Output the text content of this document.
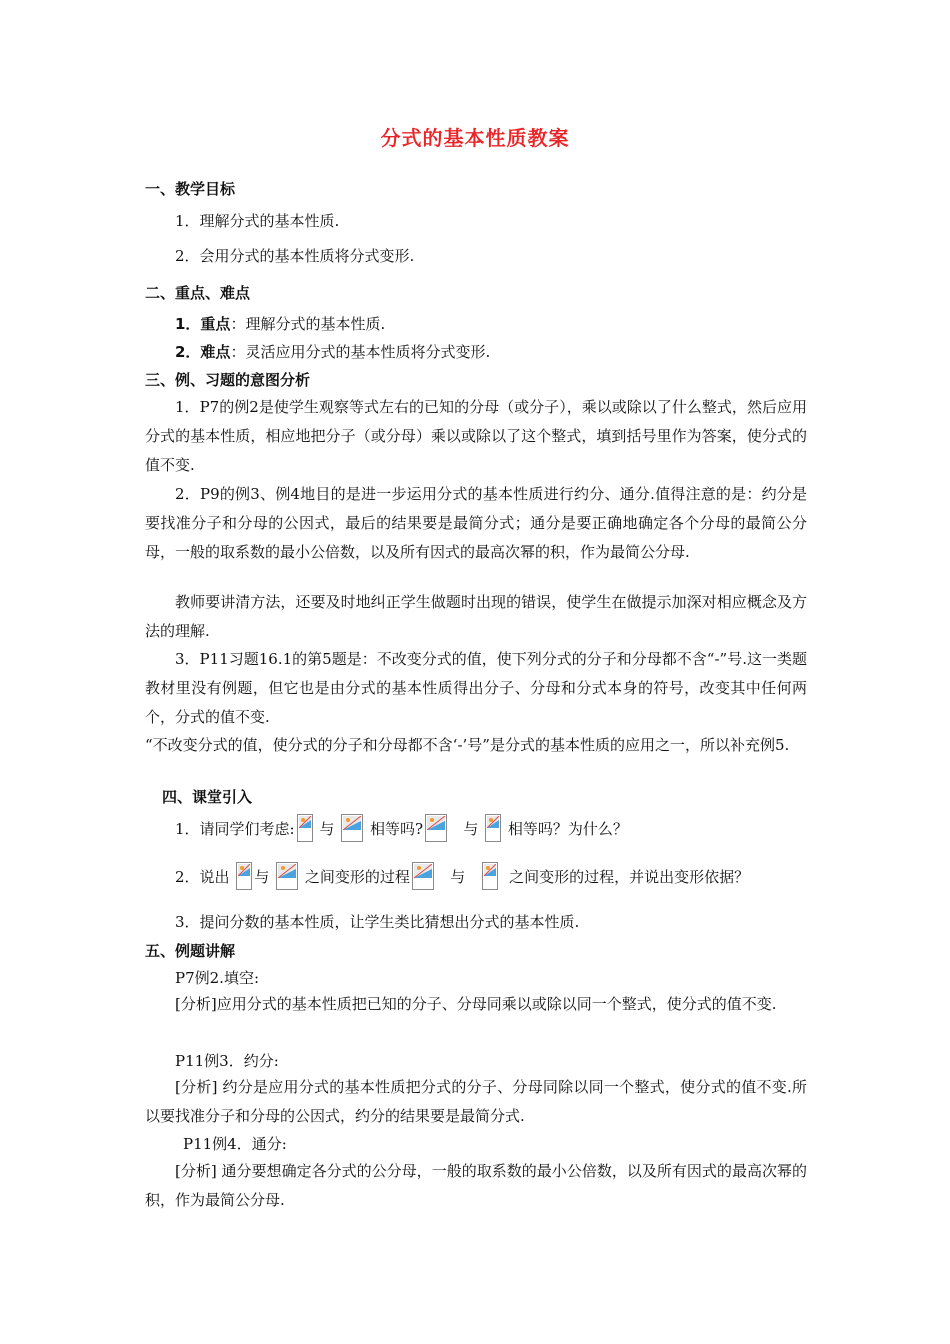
分式的基本性质教案
一、教学目标
1．理解分式的基本性质.
2．会用分式的基本性质将分式变形.
二、重点、难点
1．重点：理解分式的基本性质.
2．难点：灵活应用分式的基本性质将分式变形.
三、例、习题的意图分析
1．P7的例2是使学生观察等式左右的已知的分母（或分子），乘以或除以了什么整式，然后应用分式的基本性质，相应地把分子（或分母）乘以或除以了这个整式，填到括号里作为答案，使分式的值不变.
2．P9的例3、例4地目的是进一步运用分式的基本性质进行约分、通分.值得注意的是：约分是要找准分子和分母的公因式，最后的结果要是最简分式；通分是要正确地确定各个分母的最简公分母，一般的取系数的最小公倍数，以及所有因式的最高次幂的积，作为最简公分母.
教师要讲清方法，还要及时地纠正学生做题时出现的错误，使学生在做提示加深对相应概念及方法的理解.
3．P11习题16.1的第5题是：不改变分式的值，使下列分式的分子和分母都不含“-”号.这一类题教材里没有例题，但它也是由分式的基本性质得出分子、分母和分式本身的符号，改变其中任何两个，分式的值不变.
“不改变分式的值，使分式的分子和分母都不含‘-’号”是分式的基本性质的应用之一，所以补充例5.
四、课堂引入
1．请同学们考虑: 与 相等吗?	与 相等吗？为什么？
2．说出 与 之间变形的过程	与	之间变形的过程，并说出变形依据？
3．提问分数的基本性质，让学生类比猜想出分式的基本性质.
五、例题讲解
P7例2.填空:
[分析]应用分式的基本性质把已知的分子、分母同乘以或除以同一个整式，使分式的值不变.
P11例3．约分:
[分析] 约分是应用分式的基本性质把分式的分子、分母同除以同一个整式，使分式的值不变.所以要找准分子和分母的公因式，约分的结果要是最简分式.
P11例4．通分:
[分析] 通分要想确定各分式的公分母，一般的取系数的最小公倍数，以及所有因式的最高次幂的积，作为最简公分母.
